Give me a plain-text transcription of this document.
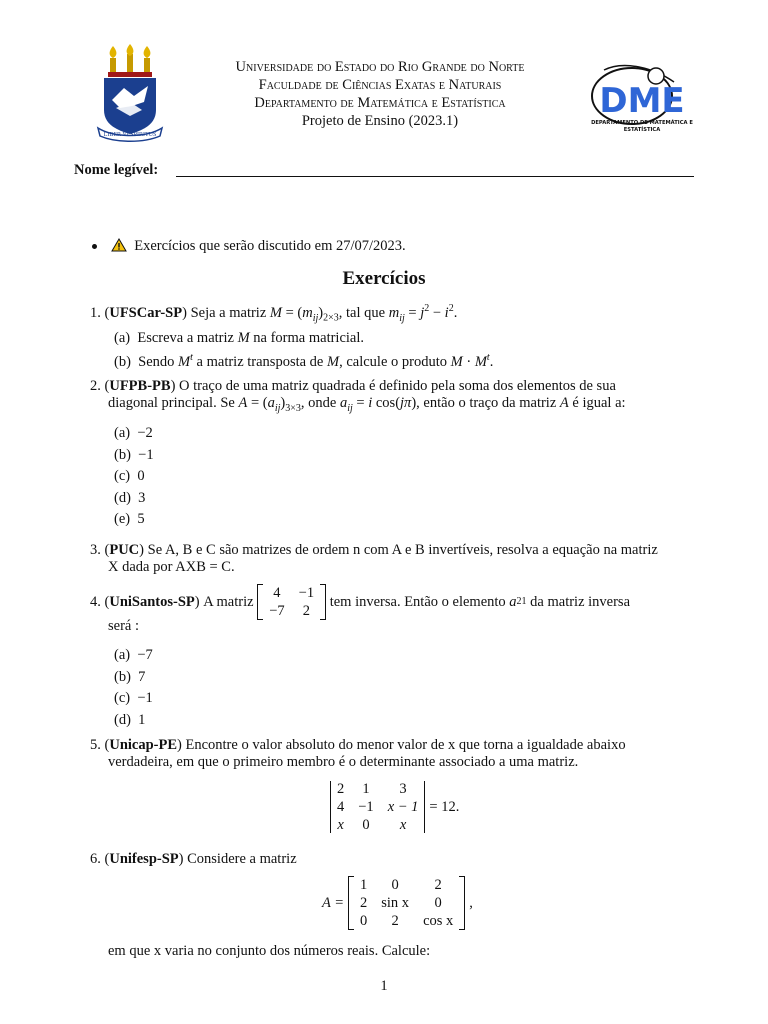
LIBER VI SPIRITUS
Universidade do Estado do Rio Grande do Norte
Faculdade de Ciências Exatas e Naturais
Departamento de Matemática e Estatística
Projeto de Ensino (2023.1)	DME
DEPARTAMENTO DE MATEMÁTICA E
ESTATÍSTICA
Nome legível:
Exercícios que serão discutido em 27/07/2023.
Exercícios
1. (UFSCar-SP) Seja a matriz $M = (m_{ij})_{2\times 3}$, tal que $m_{ij} = j^2 - i^2$.
(a)  Escreva a matriz M na forma matricial.
(b)  Sendo $M^t$ a matriz transposta de M, calcule o produto $M \cdot M^t$.
2. (UFPB-PB) O traço de uma matriz quadrada é definido pela soma dos elementos de sua
diagonal principal. Se $A = (a_{ij})_{3\times 3}$, onde $a_{ij} = i$ cos(jπ), então o traço da matriz A é igual a:
(a)  −2
(b)  −1
(c)  0
(d)  3
(e)  5
3. (PUC) Se A, B e C são matrizes de ordem n com A e B invertíveis, resolva a equação na matriz
X dada por AXB = C.
4. ( UniSantos-SP ) A matriz

4 −1
−7 2

tem inversa. Então o elemento
a 21
da matriz inversa
será :
(a)  −7
(b)  7
(c)  −1
(d)  1
5. (Unicap-PE) Encontre o valor absoluto do menor valor de x que torna a igualdade abaixo
verdadeira, em que o primeiro membro é o determinante associado a uma matriz.
2 1	3
4 −1 x − 1
x 0	x
= 12.
6. (Unifesp-SP) Considere a matriz
A =
1	0	2
2 sin x	0
0	2	cos x
,
em que x varia no conjunto dos números reais. Calcule:
1
